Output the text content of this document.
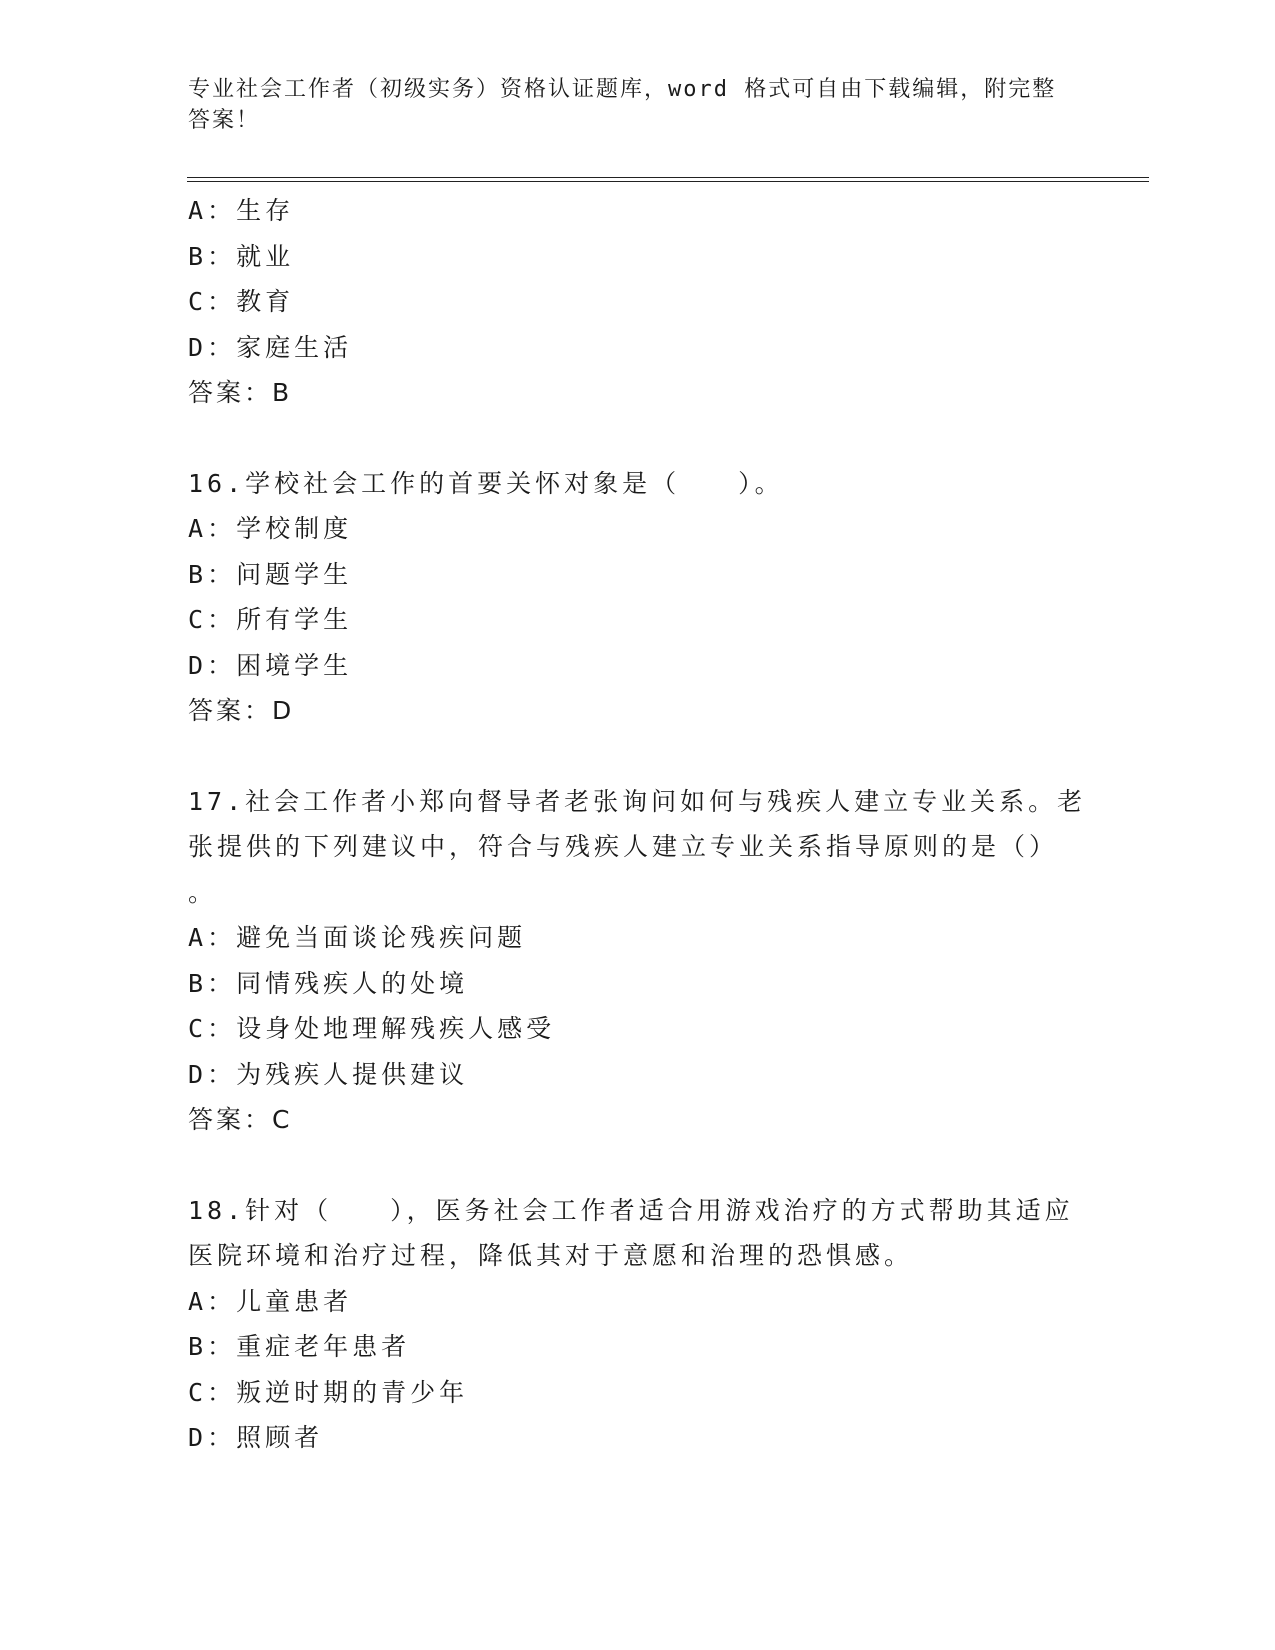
专业社会工作者（初级实务）资格认证题库，word 格式可自由下载编辑，附完整答案！
A：生存
B：就业
C：教育
D：家庭生活
答案：B
16.学校社会工作的首要关怀对象是（　　）。
A：学校制度
B：问题学生
C：所有学生
D：困境学生
答案：D
17.社会工作者小郑向督导者老张询问如何与残疾人建立专业关系。老
张提供的下列建议中，符合与残疾人建立专业关系指导原则的是（）
。
A：避免当面谈论残疾问题
B：同情残疾人的处境
C：设身处地理解残疾人感受
D：为残疾人提供建议
答案：C
18.针对（　　），医务社会工作者适合用游戏治疗的方式帮助其适应
医院环境和治疗过程，降低其对于意愿和治理的恐惧感。
A：儿童患者
B：重症老年患者
C：叛逆时期的青少年
D：照顾者
